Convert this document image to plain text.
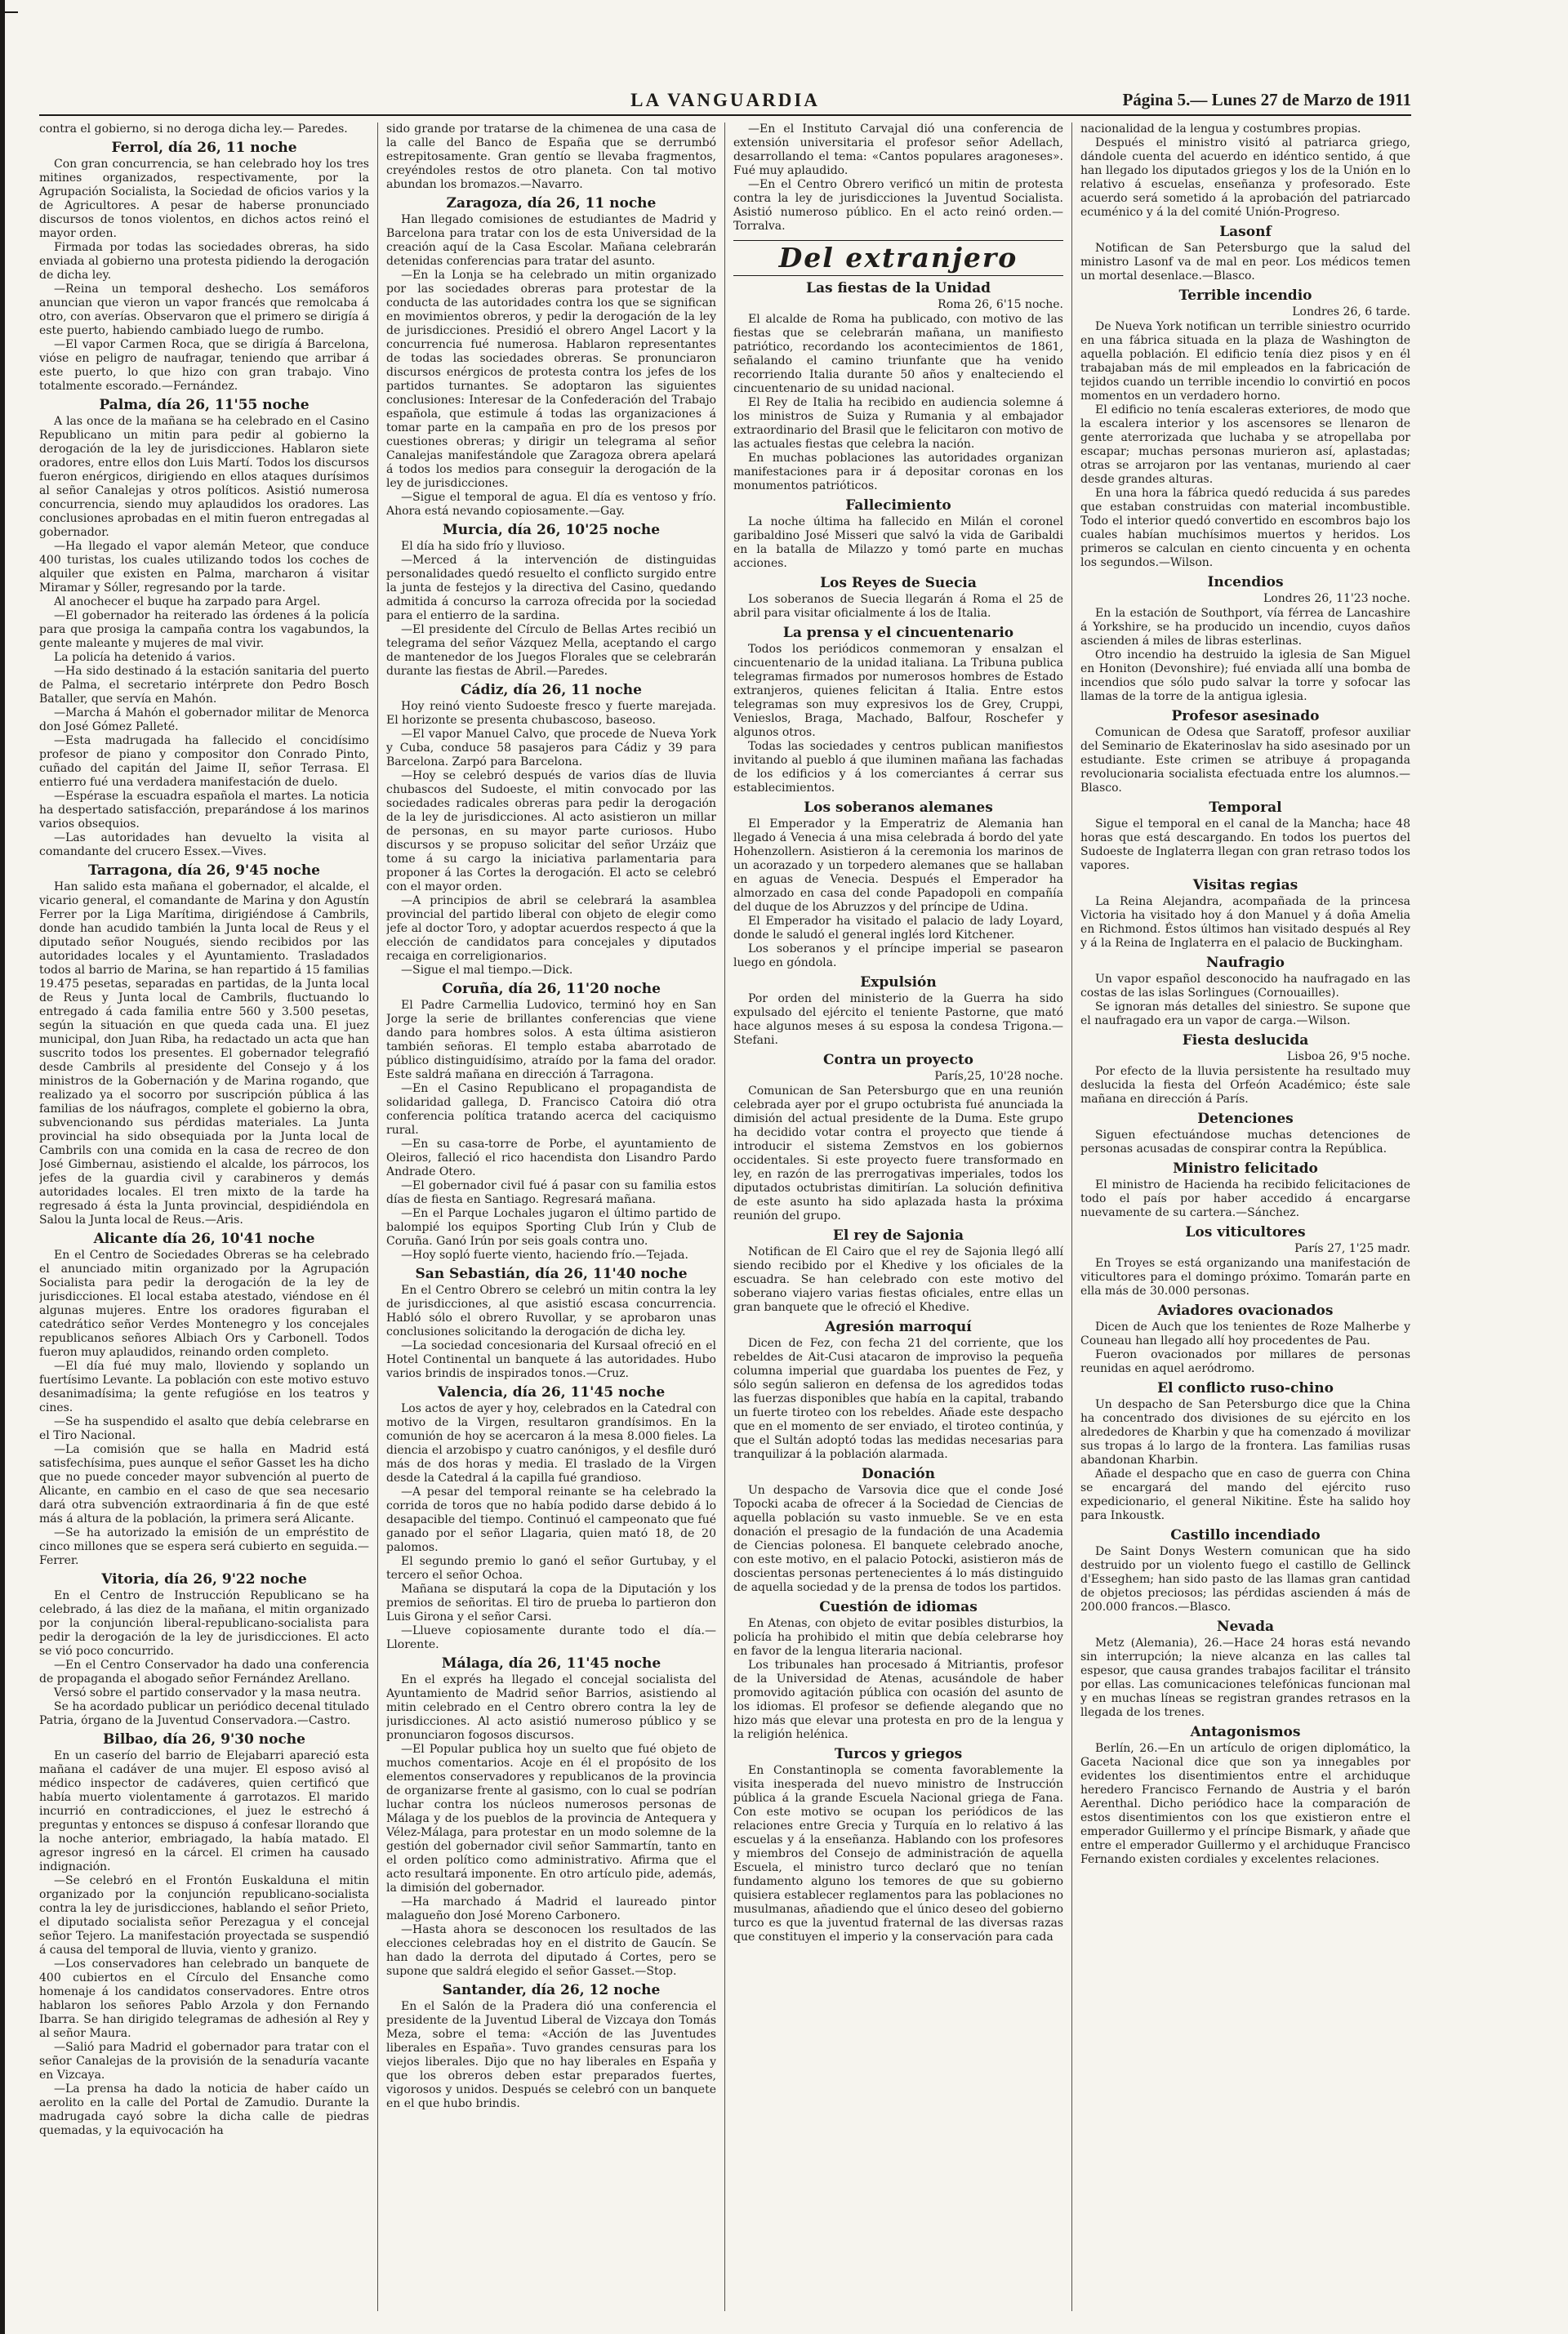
LA VANGUARDIA	Página 5.— Lunes 27 de Marzo de 1911

contra el gobierno, si no deroga dicha ley.— Paredes.

Ferrol, día 26, 11 noche

Con gran concurrencia, se han celebrado hoy los tres mitines organizados, respectivamente, por la Agrupación Socialista, la Sociedad de oficios varios y la de Agricultores. A pesar de haberse pronunciado discursos de tonos violentos, en dichos actos reinó el mayor orden.

Firmada por todas las sociedades obreras, ha sido enviada al gobierno una protesta pidiendo la derogación de dicha ley.

—Reina un temporal deshecho. Los semáforos anuncian que vieron un vapor francés que remolcaba á otro, con averías. Observaron que el primero se dirigía á este puerto, habiendo cambiado luego de rumbo.

—El vapor Carmen Roca, que se dirigía á Barcelona, vióse en peligro de naufragar, teniendo que arribar á este puerto, lo que hizo con gran trabajo. Vino totalmente escorado.—Fernández.

Palma, día 26, 11'55 noche

A las once de la mañana se ha celebrado en el Casino Republicano un mitin para pedir al gobierno la derogación de la ley de jurisdicciones. Hablaron siete oradores, entre ellos don Luis Martí. Todos los discursos fueron enérgicos, dirigiendo en ellos ataques durísimos al señor Canalejas y otros políticos. Asistió numerosa concurrencia, siendo muy aplaudidos los oradores. Las conclusiones aprobadas en el mitin fueron entregadas al gobernador.

—Ha llegado el vapor alemán Meteor, que conduce 400 turistas, los cuales utilizando todos los coches de alquiler que existen en Palma, marcharon á visitar Miramar y Sóller, regresando por la tarde.

Al anochecer el buque ha zarpado para Argel.

—El gobernador ha reiterado las órdenes á la policía para que prosiga la campaña contra los vagabundos, la gente maleante y mujeres de mal vivir.

La policía ha detenido á varios.

—Ha sido destinado á la estación sanitaria del puerto de Palma, el secretario intérprete don Pedro Bosch Bataller, que servía en Mahón.

—Marcha á Mahón el gobernador militar de Menorca don José Gómez Palleté.

—Esta madrugada ha fallecido el concidísimo profesor de piano y compositor don Conrado Pinto, cuñado del capitán del Jaime II, señor Terrasa. El entierro fué una verdadera manifestación de duelo.

—Espérase la escuadra española el martes. La noticia ha despertado satisfacción, preparándose á los marinos varios obsequios.

—Las autoridades han devuelto la visita al comandante del crucero Essex.—Vives.

Tarragona, día 26, 9'45 noche

Han salido esta mañana el gobernador, el alcalde, el vicario general, el comandante de Marina y don Agustín Ferrer por la Liga Marítima, dirigiéndose á Cambrils, donde han acudido también la Junta local de Reus y el diputado señor Nougués, siendo recibidos por las autoridades locales y el Ayuntamiento. Trasladados todos al barrio de Marina, se han repartido á 15 familias 19.475 pesetas, separadas en partidas, de la Junta local de Reus y Junta local de Cambrils, fluctuando lo entregado á cada familia entre 560 y 3.500 pesetas, según la situación en que queda cada una. El juez municipal, don Juan Riba, ha redactado un acta que han suscrito todos los presentes. El gobernador telegrafió desde Cambrils al presidente del Consejo y á los ministros de la Gobernación y de Marina rogando, que realizado ya el socorro por suscripción pública á las familias de los náufragos, complete el gobierno la obra, subvencionando sus pérdidas materiales. La Junta provincial ha sido obsequiada por la Junta local de Cambrils con una comida en la casa de recreo de don José Gimbernau, asistiendo el alcalde, los párrocos, los jefes de la guardia civil y carabineros y demás autoridades locales. El tren mixto de la tarde ha regresado á ésta la Junta provincial, despidiéndola en Salou la Junta local de Reus.—Aris.

Alicante día 26, 10'41 noche

En el Centro de Sociedades Obreras se ha celebrado el anunciado mitin organizado por la Agrupación Socialista para pedir la derogación de la ley de jurisdicciones. El local estaba atestado, viéndose en él algunas mujeres. Entre los oradores figuraban el catedrático señor Verdes Montenegro y los concejales republicanos señores Albiach Ors y Carbonell. Todos fueron muy aplaudidos, reinando orden completo.

—El día fué muy malo, lloviendo y soplando un fuertísimo Levante. La población con este motivo estuvo desanimadísima; la gente refugióse en los teatros y cines.

—Se ha suspendido el asalto que debía celebrarse en el Tiro Nacional.

—La comisión que se halla en Madrid está satisfechísima, pues aunque el señor Gasset les ha dicho que no puede conceder mayor subvención al puerto de Alicante, en cambio en el caso de que sea necesario dará otra subvención extraordinaria á fin de que esté más á altura de la población, la primera será Alicante.

—Se ha autorizado la emisión de un empréstito de cinco millones que se espera será cubierto en seguida.—Ferrer.

Vitoria, día 26, 9'22 noche

En el Centro de Instrucción Republicano se ha celebrado, á las diez de la mañana, el mitin organizado por la conjunción liberal-republicano-socialista para pedir la derogación de la ley de jurisdicciones. El acto se vió poco concurrido.

—En el Centro Conservador ha dado una conferencia de propaganda el abogado señor Fernández Arellano.

Versó sobre el partido conservador y la masa neutra.

Se ha acordado publicar un periódico decenal titulado Patria, órgano de la Juventud Conservadora.—Castro.

Bilbao, día 26, 9'30 noche

En un caserío del barrio de Elejabarri apareció esta mañana el cadáver de una mujer. El esposo avisó al médico inspector de cadáveres, quien certificó que había muerto violentamente á garrotazos. El marido incurrió en contradicciones, el juez le estrechó á preguntas y entonces se dispuso á confesar llorando que la noche anterior, embriagado, la había matado. El agresor ingresó en la cárcel. El crimen ha causado indignación.

—Se celebró en el Frontón Euskalduna el mitin organizado por la conjunción republicano-socialista contra la ley de jurisdicciones, hablando el señor Prieto, el diputado socialista señor Perezagua y el concejal señor Tejero. La manifestación proyectada se suspendió á causa del temporal de lluvia, viento y granizo.

—Los conservadores han celebrado un banquete de 400 cubiertos en el Círculo del Ensanche como homenaje á los candidatos conservadores. Entre otros hablaron los señores Pablo Arzola y don Fernando Ibarra. Se han dirigido telegramas de adhesión al Rey y al señor Maura.

—Salió para Madrid el gobernador para tratar con el señor Canalejas de la provisión de la senaduría vacante en Vizcaya.

—La prensa ha dado la noticia de haber caído un aerolito en la calle del Portal de Zamudio. Durante la madrugada cayó sobre la dicha calle de piedras quemadas, y la equivocación ha

sido grande por tratarse de la chimenea de una casa de la calle del Banco de España que se derrumbó estrepitosamente. Gran gentío se llevaba fragmentos, creyéndoles restos de otro planeta. Con tal motivo abundan los bromazos.—Navarro.

Zaragoza, día 26, 11 noche

Han llegado comisiones de estudiantes de Madrid y Barcelona para tratar con los de esta Universidad de la creación aquí de la Casa Escolar. Mañana celebrarán detenidas conferencias para tratar del asunto.

—En la Lonja se ha celebrado un mitin organizado por las sociedades obreras para protestar de la conducta de las autoridades contra los que se significan en movimientos obreros, y pedir la derogación de la ley de jurisdicciones. Presidió el obrero Angel Lacort y la concurrencia fué numerosa. Hablaron representantes de todas las sociedades obreras. Se pronunciaron discursos enérgicos de protesta contra los jefes de los partidos turnantes. Se adoptaron las siguientes conclusiones: Interesar de la Confederación del Trabajo española, que estimule á todas las organizaciones á tomar parte en la campaña en pro de los presos por cuestiones obreras; y dirigir un telegrama al señor Canalejas manifestándole que Zaragoza obrera apelará á todos los medios para conseguir la derogación de la ley de jurisdicciones.

—Sigue el temporal de agua. El día es ventoso y frío. Ahora está nevando copiosamente.—Gay.

Murcia, día 26, 10'25 noche

El día ha sido frío y lluvioso.

—Merced á la intervención de distinguidas personalidades quedó resuelto el conflicto surgido entre la junta de festejos y la directiva del Casino, quedando admitida á concurso la carroza ofrecida por la sociedad para el entierro de la sardina.

—El presidente del Círculo de Bellas Artes recibió un telegrama del señor Vázquez Mella, aceptando el cargo de mantenedor de los Juegos Florales que se celebrarán durante las fiestas de Abril.—Paredes.

Cádiz, día 26, 11 noche

Hoy reinó viento Sudoeste fresco y fuerte marejada. El horizonte se presenta chubascoso, baseoso.

—El vapor Manuel Calvo, que procede de Nueva York y Cuba, conduce 58 pasajeros para Cádiz y 39 para Barcelona. Zarpó para Barcelona.

—Hoy se celebró después de varios días de lluvia chubascos del Sudoeste, el mitin convocado por las sociedades radicales obreras para pedir la derogación de la ley de jurisdicciones. Al acto asistieron un millar de personas, en su mayor parte curiosos. Hubo discursos y se propuso solicitar del señor Urzáiz que tome á su cargo la iniciativa parlamentaria para proponer á las Cortes la derogación. El acto se celebró con el mayor orden.

—A principios de abril se celebrará la asamblea provincial del partido liberal con objeto de elegir como jefe al doctor Toro, y adoptar acuerdos respecto á que la elección de candidatos para concejales y diputados recaiga en correligionarios.

—Sigue el mal tiempo.—Dick.

Coruña, día 26, 11'20 noche

El Padre Carmellia Ludovico, terminó hoy en San Jorge la serie de brillantes conferencias que viene dando para hombres solos. A esta última asistieron también señoras. El templo estaba abarrotado de público distinguidísimo, atraído por la fama del orador. Este saldrá mañana en dirección á Tarragona.

—En el Casino Republicano el propagandista de solidaridad gallega, D. Francisco Catoira dió otra conferencia política tratando acerca del caciquismo rural.

—En su casa-torre de Porbe, el ayuntamiento de Oleiros, falleció el rico hacendista don Lisandro Pardo Andrade Otero.

—El gobernador civil fué á pasar con su familia estos días de fiesta en Santiago. Regresará mañana.

—En el Parque Lochales jugaron el último partido de balompié los equipos Sporting Club Irún y Club de Coruña. Ganó Irún por seis goals contra uno.

—Hoy sopló fuerte viento, haciendo frío.—Tejada.

San Sebastián, día 26, 11'40 noche

En el Centro Obrero se celebró un mitin contra la ley de jurisdicciones, al que asistió escasa concurrencia. Habló sólo el obrero Ruvollar, y se aprobaron unas conclusiones solicitando la derogación de dicha ley.

—La sociedad concesionaria del Kursaal ofreció en el Hotel Continental un banquete á las autoridades. Hubo varios brindis de inspirados tonos.—Cruz.

Valencia, día 26, 11'45 noche

Los actos de ayer y hoy, celebrados en la Catedral con motivo de la Virgen, resultaron grandísimos. En la comunión de hoy se acercaron á la mesa 8.000 fieles. La diencia el arzobispo y cuatro canónigos, y el desfile duró más de dos horas y media. El traslado de la Virgen desde la Catedral á la capilla fué grandioso.

—A pesar del temporal reinante se ha celebrado la corrida de toros que no había podido darse debido á lo desapacible del tiempo. Continuó el campeonato que fué ganado por el señor Llagaria, quien mató 18, de 20 palomos.

El segundo premio lo ganó el señor Gurtubay, y el tercero el señor Ochoa.

Mañana se disputará la copa de la Diputación y los premios de señoritas. El tiro de prueba lo partieron don Luis Girona y el señor Carsi.

—Llueve copiosamente durante todo el día.—Llorente.

Málaga, día 26, 11'45 noche

En el exprés ha llegado el concejal socialista del Ayuntamiento de Madrid señor Barrios, asistiendo al mitin celebrado en el Centro obrero contra la ley de jurisdicciones. Al acto asistió numeroso público y se pronunciaron fogosos discursos.

—El Popular publica hoy un suelto que fué objeto de muchos comentarios. Acoje en él el propósito de los elementos conservadores y republicanos de la provincia de organizarse frente al gasismo, con lo cual se podrían luchar contra los núcleos numerosos personas de Málaga y de los pueblos de la provincia de Antequera y Vélez-Málaga, para protestar en un modo solemne de la gestión del gobernador civil señor Sammartín, tanto en el orden político como administrativo. Afirma que el acto resultará imponente. En otro artículo pide, además, la dimisión del gobernador.

—Ha marchado á Madrid el laureado pintor malagueño don José Moreno Carbonero.

—Hasta ahora se desconocen los resultados de las elecciones celebradas hoy en el distrito de Gaucín. Se han dado la derrota del diputado á Cortes, pero se supone que saldrá elegido el señor Gasset.—Stop.

Santander, día 26, 12 noche

En el Salón de la Pradera dió una conferencia el presidente de la Juventud Liberal de Vizcaya don Tomás Meza, sobre el tema: «Acción de las Juventudes liberales en España». Tuvo grandes censuras para los viejos liberales. Dijo que no hay liberales en España y que los obreros deben estar preparados fuertes, vigorosos y unidos. Después se celebró con un banquete en el que hubo brindis.

—En el Instituto Carvajal dió una conferencia de extensión universitaria el profesor señor Adellach, desarrollando el tema: «Cantos populares aragoneses». Fué muy aplaudido.

—En el Centro Obrero verificó un mitin de protesta contra la ley de jurisdicciones la Juventud Socialista. Asistió numeroso público. En el acto reinó orden.—Torralva.

Del extranjero
Las fiestas de la Unidad
Roma 26, 6'15 noche.

El alcalde de Roma ha publicado, con motivo de las fiestas que se celebrarán mañana, un manifiesto patriótico, recordando los acontecimientos de 1861, señalando el camino triunfante que ha venido recorriendo Italia durante 50 años y enalteciendo el cincuentenario de su unidad nacional.

El Rey de Italia ha recibido en audiencia solemne á los ministros de Suiza y Rumania y al embajador extraordinario del Brasil que le felicitaron con motivo de las actuales fiestas que celebra la nación.

En muchas poblaciones las autoridades organizan manifestaciones para ir á depositar coronas en los monumentos patrióticos.

Fallecimiento

La noche última ha fallecido en Milán el coronel garibaldino José Misseri que salvó la vida de Garibaldi en la batalla de Milazzo y tomó parte en muchas acciones.

Los Reyes de Suecia

Los soberanos de Suecia llegarán á Roma el 25 de abril para visitar oficialmente á los de Italia.

La prensa y el cincuentenario

Todos los periódicos conmemoran y ensalzan el cincuentenario de la unidad italiana. La Tribuna publica telegramas firmados por numerosos hombres de Estado extranjeros, quienes felicitan á Italia. Entre estos telegramas son muy expresivos los de Grey, Cruppi, Venieslos, Braga, Machado, Balfour, Roschefer y algunos otros.

Todas las sociedades y centros publican manifiestos invitando al pueblo á que iluminen mañana las fachadas de los edificios y á los comerciantes á cerrar sus establecimientos.

Los soberanos alemanes

El Emperador y la Emperatriz de Alemania han llegado á Venecia á una misa celebrada á bordo del yate Hohenzollern. Asistieron á la ceremonia los marinos de un acorazado y un torpedero alemanes que se hallaban en aguas de Venecia. Después el Emperador ha almorzado en casa del conde Papadopoli en compañía del duque de los Abruzzos y del príncipe de Udina.

El Emperador ha visitado el palacio de lady Loyard, donde le saludó el general inglés lord Kitchener.

Los soberanos y el príncipe imperial se pasearon luego en góndola.

Expulsión

Por orden del ministerio de la Guerra ha sido expulsado del ejército el teniente Pastorne, que mató hace algunos meses á su esposa la condesa Trigona.—Stefani.

Contra un proyecto
París,25, 10'28 noche.

Comunican de San Petersburgo que en una reunión celebrada ayer por el grupo octubrista fué anunciada la dimisión del actual presidente de la Duma. Este grupo ha decidido votar contra el proyecto que tiende á introducir el sistema Zemstvos en los gobiernos occidentales. Si este proyecto fuere transformado en ley, en razón de las prerrogativas imperiales, todos los diputados octubristas dimitirían. La solución definitiva de este asunto ha sido aplazada hasta la próxima reunión del grupo.

El rey de Sajonia

Notifican de El Cairo que el rey de Sajonia llegó allí siendo recibido por el Khedive y los oficiales de la escuadra. Se han celebrado con este motivo del soberano viajero varias fiestas oficiales, entre ellas un gran banquete que le ofreció el Khedive.

Agresión marroquí

Dicen de Fez, con fecha 21 del corriente, que los rebeldes de Ait-Cusi atacaron de improviso la pequeña columna imperial que guardaba los puentes de Fez, y sólo según salieron en defensa de los agredidos todas las fuerzas disponibles que había en la capital, trabando un fuerte tiroteo con los rebeldes. Añade este despacho que en el momento de ser enviado, el tiroteo continúa, y que el Sultán adoptó todas las medidas necesarias para tranquilizar á la población alarmada.

Donación

Un despacho de Varsovia dice que el conde José Topocki acaba de ofrecer á la Sociedad de Ciencias de aquella población su vasto inmueble. Se ve en esta donación el presagio de la fundación de una Academia de Ciencias polonesa. El banquete celebrado anoche, con este motivo, en el palacio Potocki, asistieron más de doscientas personas pertenecientes á lo más distinguido de aquella sociedad y de la prensa de todos los partidos.

Cuestión de idiomas

En Atenas, con objeto de evitar posibles disturbios, la policía ha prohibido el mitin que debía celebrarse hoy en favor de la lengua literaria nacional.

Los tribunales han procesado á Mitriantis, profesor de la Universidad de Atenas, acusándole de haber promovido agitación pública con ocasión del asunto de los idiomas. El profesor se defiende alegando que no hizo más que elevar una protesta en pro de la lengua y la religión helénica.

Turcos y griegos

En Constantinopla se comenta favorablemente la visita inesperada del nuevo ministro de Instrucción pública á la grande Escuela Nacional griega de Fana. Con este motivo se ocupan los periódicos de las relaciones entre Grecia y Turquía en lo relativo á las escuelas y á la enseñanza. Hablando con los profesores y miembros del Consejo de administración de aquella Escuela, el ministro turco declaró que no tenían fundamento alguno los temores de que su gobierno quisiera establecer reglamentos para las poblaciones no musulmanas, añadiendo que el único deseo del gobierno turco es que la juventud fraternal de las diversas razas que constituyen el imperio y la conservación para cada

nacionalidad de la lengua y costumbres propias.

Después el ministro visitó al patriarca griego, dándole cuenta del acuerdo en idéntico sentido, á que han llegado los diputados griegos y los de la Unión en lo relativo á escuelas, enseñanza y profesorado. Este acuerdo será sometido á la aprobación del patriarcado ecuménico y á la del comité Unión-Progreso.

Lasonf

Notifican de San Petersburgo que la salud del ministro Lasonf va de mal en peor. Los médicos temen un mortal desenlace.—Blasco.

Terrible incendio
Londres 26, 6 tarde.

De Nueva York notifican un terrible siniestro ocurrido en una fábrica situada en la plaza de Washington de aquella población. El edificio tenía diez pisos y en él trabajaban más de mil empleados en la fabricación de tejidos cuando un terrible incendio lo convirtió en pocos momentos en un verdadero horno.

El edificio no tenía escaleras exteriores, de modo que la escalera interior y los ascensores se llenaron de gente aterrorizada que luchaba y se atropellaba por escapar; muchas personas murieron así, aplastadas; otras se arrojaron por las ventanas, muriendo al caer desde grandes alturas.

En una hora la fábrica quedó reducida á sus paredes que estaban construidas con material incombustible. Todo el interior quedó convertido en escombros bajo los cuales habían muchísimos muertos y heridos. Los primeros se calculan en ciento cincuenta y en ochenta los segundos.—Wilson.

Incendios
Londres 26, 11'23 noche.

En la estación de Southport, vía férrea de Lancashire á Yorkshire, se ha producido un incendio, cuyos daños ascienden á miles de libras esterlinas.

Otro incendio ha destruido la iglesia de San Miguel en Honiton (Devonshire); fué enviada allí una bomba de incendios que sólo pudo salvar la torre y sofocar las llamas de la torre de la antigua iglesia.

Profesor asesinado

Comunican de Odesa que Saratoff, profesor auxiliar del Seminario de Ekaterinoslav ha sido asesinado por un estudiante. Este crimen se atribuye á propaganda revolucionaria socialista efectuada entre los alumnos.—Blasco.

Temporal

Sigue el temporal en el canal de la Mancha; hace 48 horas que está descargando. En todos los puertos del Sudoeste de Inglaterra llegan con gran retraso todos los vapores.

Visitas regias

La Reina Alejandra, acompañada de la princesa Victoria ha visitado hoy á don Manuel y á doña Amelia en Richmond. Éstos últimos han visitado después al Rey y á la Reina de Inglaterra en el palacio de Buckingham.

Naufragio

Un vapor español desconocido ha naufragado en las costas de las islas Sorlingues (Cornouailles).

Se ignoran más detalles del siniestro. Se supone que el naufragado era un vapor de carga.—Wilson.

Fiesta deslucida
Lisboa 26, 9'5 noche.

Por efecto de la lluvia persistente ha resultado muy deslucida la fiesta del Orfeón Académico; éste sale mañana en dirección á París.

Detenciones

Siguen efectuándose muchas detenciones de personas acusadas de conspirar contra la República.

Ministro felicitado

El ministro de Hacienda ha recibido felicitaciones de todo el país por haber accedido á encargarse nuevamente de su cartera.—Sánchez.

Los viticultores
París 27, 1'25 madr.

En Troyes se está organizando una manifestación de viticultores para el domingo próximo. Tomarán parte en ella más de 30.000 personas.

Aviadores ovacionados

Dicen de Auch que los tenientes de Roze Malherbe y Couneau han llegado allí hoy procedentes de Pau.

Fueron ovacionados por millares de personas reunidas en aquel aeródromo.

El conflicto ruso-chino

Un despacho de San Petersburgo dice que la China ha concentrado dos divisiones de su ejército en los alrededores de Kharbin y que ha comenzado á movilizar sus tropas á lo largo de la frontera. Las familias rusas abandonan Kharbin.

Añade el despacho que en caso de guerra con China se encargará del mando del ejército ruso expedicionario, el general Nikitine. Éste ha salido hoy para Inkoustk.

Castillo incendiado

De Saint Donys Western comunican que ha sido destruido por un violento fuego el castillo de Gellinck d'Esseghem; han sido pasto de las llamas gran cantidad de objetos preciosos; las pérdidas ascienden á más de 200.000 francos.—Blasco.

Nevada

Metz (Alemania), 26.—Hace 24 horas está nevando sin interrupción; la nieve alcanza en las calles tal espesor, que causa grandes trabajos facilitar el tránsito por ellas. Las comunicaciones telefónicas funcionan mal y en muchas líneas se registran grandes retrasos en la llegada de los trenes.

Antagonismos

Berlín, 26.—En un artículo de origen diplomático, la Gaceta Nacional dice que son ya innegables por evidentes los disentimientos entre el archiduque heredero Francisco Fernando de Austria y el barón Aerenthal. Dicho periódico hace la comparación de estos disentimientos con los que existieron entre el emperador Guillermo y el príncipe Bismark, y añade que entre el emperador Guillermo y el archiduque Francisco Fernando existen cordiales y excelentes relaciones.
